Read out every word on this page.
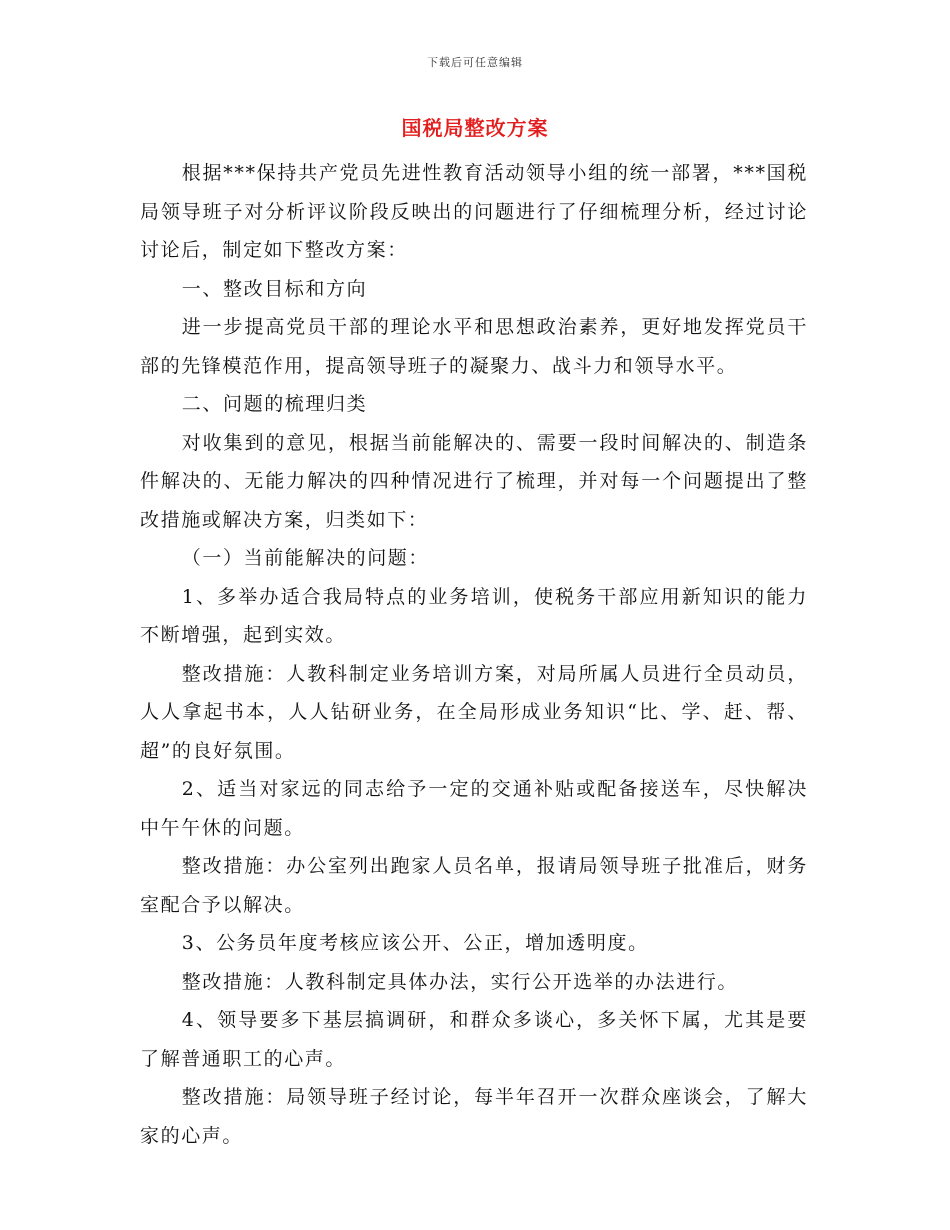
下载后可任意编辑
国税局整改方案

根据***保持共产党员先进性教育活动领导小组的统一部署，***国税局领导班子对分析评议阶段反映出的问题进行了仔细梳理分析，经过讨论讨论后，制定如下整改方案：

一、整改目标和方向

进一步提高党员干部的理论水平和思想政治素养，更好地发挥党员干部的先锋模范作用，提高领导班子的凝聚力、战斗力和领导水平。

二、问题的梳理归类

对收集到的意见，根据当前能解决的、需要一段时间解决的、制造条件解决的、无能力解决的四种情况进行了梳理，并对每一个问题提出了整改措施或解决方案，归类如下：

（一）当前能解决的问题：

1、多举办适合我局特点的业务培训，使税务干部应用新知识的能力不断增强，起到实效。

整改措施：人教科制定业务培训方案，对局所属人员进行全员动员，人人拿起书本，人人钻研业务，在全局形成业务知识“比、学、赶、帮、超”的良好氛围。

2、适当对家远的同志给予一定的交通补贴或配备接送车，尽快解决中午午休的问题。

整改措施：办公室列出跑家人员名单，报请局领导班子批准后，财务室配合予以解决。

3、公务员年度考核应该公开、公正，增加透明度。

整改措施：人教科制定具体办法，实行公开选举的办法进行。

4、领导要多下基层搞调研，和群众多谈心，多关怀下属，尤其是要了解普通职工的心声。

整改措施：局领导班子经讨论，每半年召开一次群众座谈会，了解大家的心声。
